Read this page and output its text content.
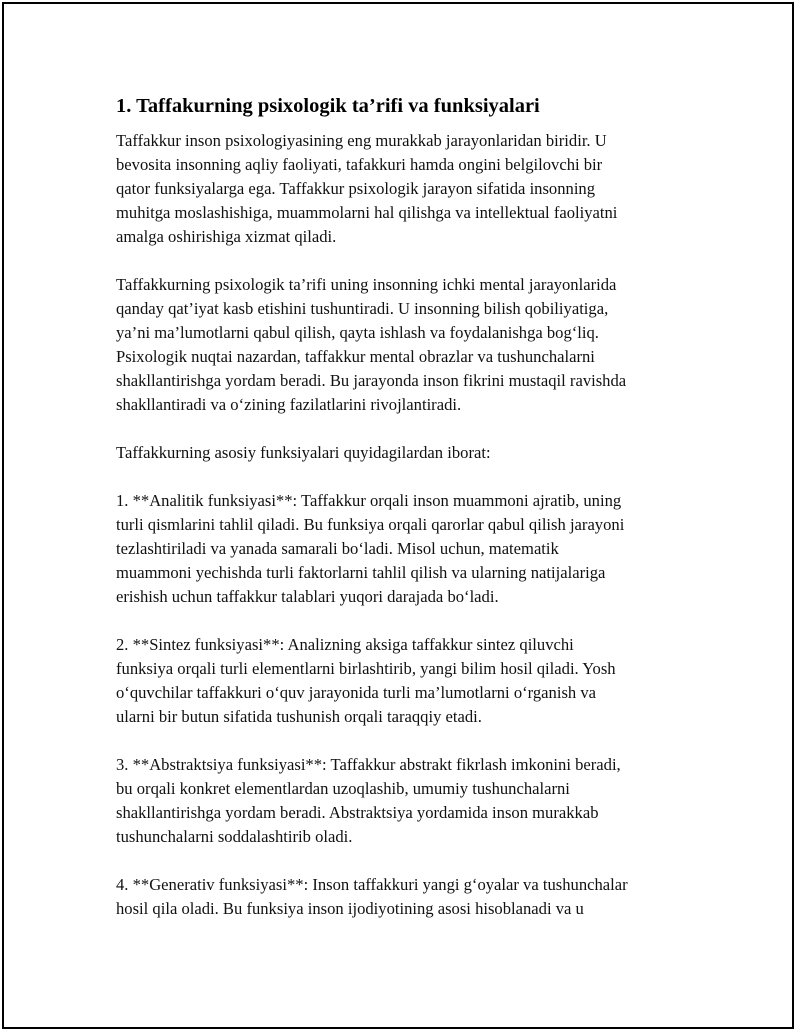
1. Taffakurning psixologik ta’rifi va funksiyalari
Taffakkur inson psixologiyasining eng murakkab jarayonlaridan biridir. U
bevosita insonning aqliy faoliyati, tafakkuri hamda ongini belgilovchi bir
qator funksiyalarga ega. Taffakkur psixologik jarayon sifatida insonning
muhitga moslashishiga, muammolarni hal qilishga va intellektual faoliyatni
amalga oshirishiga xizmat qiladi.
Taffakkurning psixologik ta’rifi uning insonning ichki mental jarayonlarida
qanday qat’iyat kasb etishini tushuntiradi. U insonning bilish qobiliyatiga,
ya’ni ma’lumotlarni qabul qilish, qayta ishlash va foydalanishga bog‘liq.
Psixologik nuqtai nazardan, taffakkur mental obrazlar va tushunchalarni
shakllantirishga yordam beradi. Bu jarayonda inson fikrini mustaqil ravishda
shakllantiradi va o‘zining fazilatlarini rivojlantiradi.
Taffakkurning asosiy funksiyalari quyidagilardan iborat:
1. **Analitik funksiyasi**: Taffakkur orqali inson muammoni ajratib, uning
turli qismlarini tahlil qiladi. Bu funksiya orqali qarorlar qabul qilish jarayoni
tezlashtiriladi va yanada samarali bo‘ladi. Misol uchun, matematik
muammoni yechishda turli faktorlarni tahlil qilish va ularning natijalariga
erishish uchun taffakkur talablari yuqori darajada bo‘ladi.
2. **Sintez funksiyasi**: Analizning aksiga taffakkur sintez qiluvchi
funksiya orqali turli elementlarni birlashtirib, yangi bilim hosil qiladi. Yosh
o‘quvchilar taffakkuri o‘quv jarayonida turli ma’lumotlarni o‘rganish va
ularni bir butun sifatida tushunish orqali taraqqiy etadi.
3. **Abstraktsiya funksiyasi**: Taffakkur abstrakt fikrlash imkonini beradi,
bu orqali konkret elementlardan uzoqlashib, umumiy tushunchalarni
shakllantirishga yordam beradi. Abstraktsiya yordamida inson murakkab
tushunchalarni soddalashtirib oladi.
4. **Generativ funksiyasi**: Inson taffakkuri yangi g‘oyalar va tushunchalar
hosil qila oladi. Bu funksiya inson ijodiyotining asosi hisoblanadi va u
